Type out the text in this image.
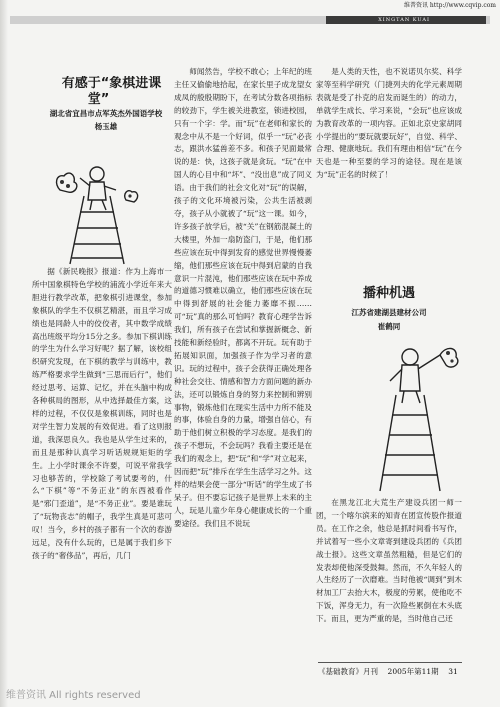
维普资讯 http://www.cqvip.com
XINGTAN KUAI

有感于“象棋进课堂”

湖北省宜昌市点军英杰外国语学校

杨玉雄

据《新民晚报》报道：作为上海市一所中国象棋特色学校的浦流小学近年来大胆进行教学改革，把象棋引进课堂，参加象棋队的学生不仅棋艺精湛，而且学习成绩也是同龄人中的佼佼者，其中数学成绩高出班级平均分15分之多。参加下棋训练的学生为什么学习好呢？据了解，该校组织研究发现，在下棋的教学与训练中，教练严格要求学生做到“三思而后行”，他们经过思考、运算、记忆，并在头脑中构成各种棋局的图形，从中选择最佳方案，这样的过程，不仅仅是象棋训练，同时也是对学生智力发展的有效促进。看了这则报道，我深思良久。我也是从学生过来的，而且是那种认真学习听话规规矩矩的学生。上小学时课余不许要，可说平常我学习也够苦的，学校除了考试要考的，什么“下棋”等“不务正业”的东西被看作是“邪门歪道”，是“不务正业”。要是谁玩了“玩物丧志”的帽子，我学生真是可悲可叹！当今，乡村的孩子都有一个次的春游远足，没有什么玩的，已是属于我们乡下孩子的“奢侈品”，再后，几门

师闻然告，学校不敢心；上年纪的班主任又偷偷地拾起，在家长里子成龙望女成凤的殷殷期盼下，在考试分数各项指标的较劲下，学生被关进教室，锁进校园，只有一个字：学。而“玩”在老师和家长的观念中从不是一个好词，似乎一“玩”必丧志，跟洪水猛兽差不多。和孩子见面最常说的是：快，这孩子就是贪玩。“玩”在中国人的心目中和“坏”、“没出息”成了同义语。由于我们的社会文化对“玩”的误解，孩子的文化环境被污染，公共生活被剥夺，孩子从小就被了“玩”这一课。如今，许多孩子放学后，被“关”在钢筋混凝土的大楼里，外加一扇防盗门，于是，他们那些应该在玩中得到发育的感觉世界慢慢萎缩，他们那些应该在玩中得到启蒙的自我意识一片混沌，他们那些应该在玩中养成的道德习惯难以确立，他们那些应该在玩中得到舒展的社会能力萎靡不振……可“玩”真的那么可怕吗？教育心理学告诉我们，所有孩子在尝试和掌握新概念、新技能和新经验时，都离不开玩。玩有助于拓展知识面，加强孩子作为学习者的意识。玩的过程中，孩子会获得正确处理各种社会交往、情感和智力方面问题的新办法，还可以锻炼自身的努力来控制和辨别事物，锻炼他们在现实生活中力所不能及的事，体验自身的力量，增强自信心，有助于他们树立积极的学习态度。是我们的孩子不想玩，不会玩吗？我看主要还是在我们的观念上，把“玩”和“学”对立起来，因而把“玩”排斥在学生生活学习之外。这样的结果会使一部分“听话”的学生成了书呆子。但不要忘记孩子是世界上未来的主人，玩是儿童少年身心健康成长的一个重要途径。我们且不说玩

是人类的天性，也不说诺贝尔奖、科学家等至科学研究（门捷列夫的化学元素周期表就是受了扑克的启发而诞生的）的动力，单就学生成长、学习来说，“会玩”也应该成为教育改革的一项内容。正如北京史家胡同小学提出的“要玩就要玩好”，自觉、科学、合理、健康地玩。我们有理由相信“玩”在今天也是一种至要的学习的途径。现在是该为“玩”正名的时候了！

播种机遇
江苏省建湖县建材公司
崔鹤同

在黑龙江北大荒生产建设兵团一师一团，一个喀尔滨来的知青在团宣传股作报道员。在工作之余，他总是抓时间看书写作，并试着写一些小文章寄到建设兵团的《兵团战士报》。这些文章虽然粗糙，但是它们的发表却使他深受鼓舞。然而，不久年轻人的人生经历了一次磨难。当时他被“调到”到木材加工厂去抬大木，极度的劳累，使他吃不下饭，浑身无力，有一次险些累倒在木头底下。而且，更为严重的是，当时他自己还

《基础教育》月刊 2005年第11期 31
维普资讯 All rights reserved
